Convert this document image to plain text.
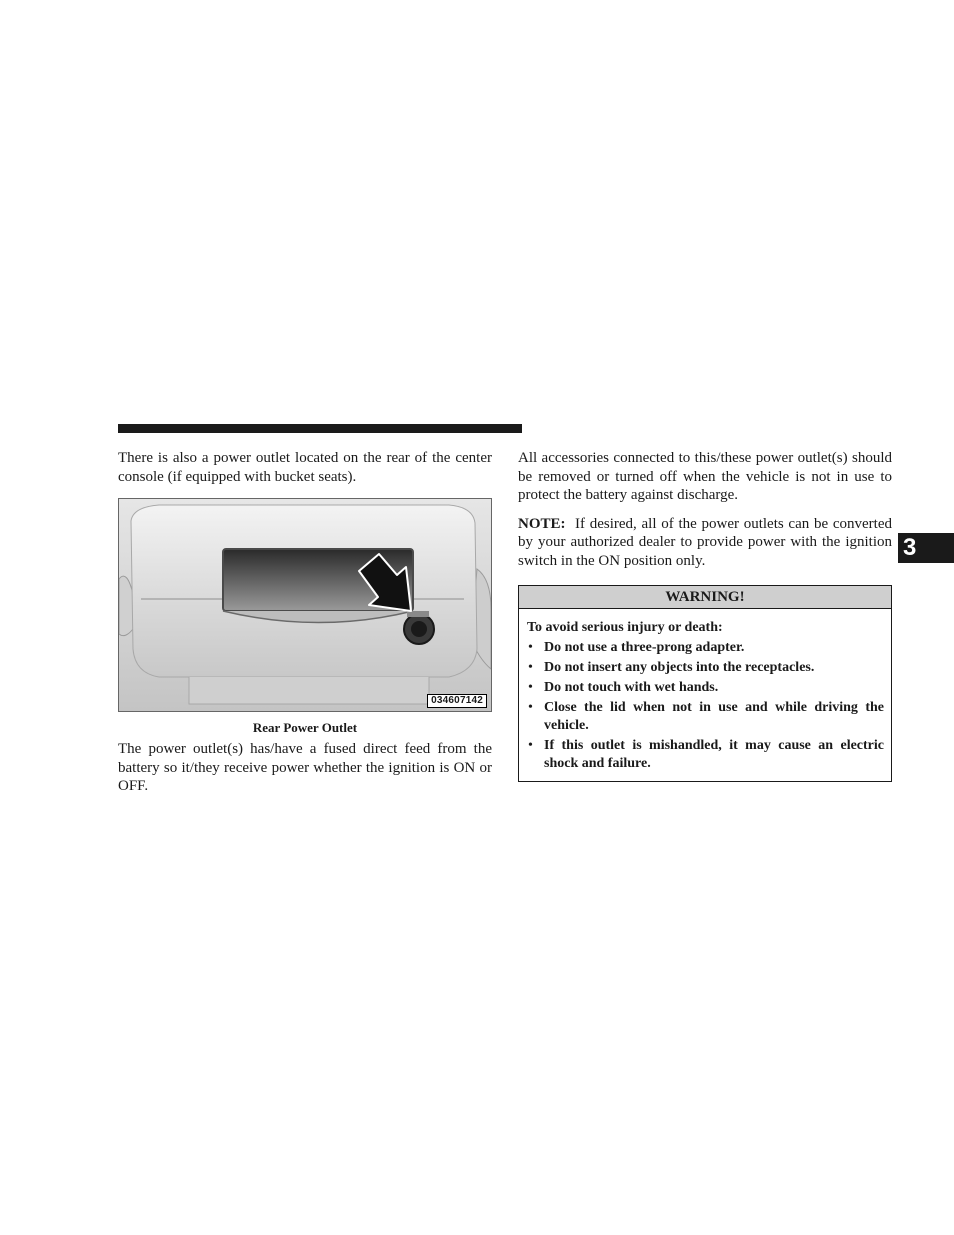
There is also a power outlet located on the rear of the center console (if equipped with bucket seats).

034607142
Rear Power Outlet

The power outlet(s) has/have a fused direct feed from the battery so it/they receive power whether the ignition is ON or OFF.

All accessories connected to this/these power outlet(s) should be removed or turned off when the vehicle is not in use to protect the battery against discharge.

NOTE: If desired, all of the power outlets can be converted by your authorized dealer to provide power with the ignition switch in the ON position only.

WARNING!
To avoid serious injury or death:
• Do not use a three-prong adapter.
• Do not insert any objects into the receptacles.
• Do not touch with wet hands.
• Close the lid when not in use and while driving the vehicle.
• If this outlet is mishandled, it may cause an electric shock and failure.
3
